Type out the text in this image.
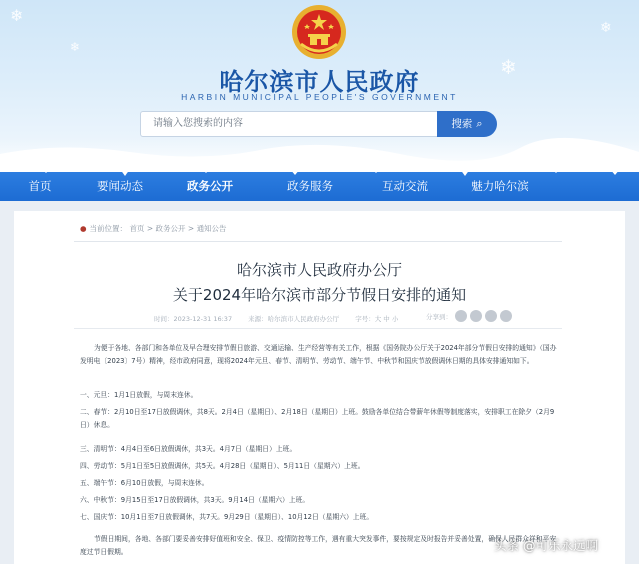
❄
❄
❄
❄
哈尔滨市人民政府
HARBIN MUNICIPAL PEOPLE'S GOVERNMENT
请输入您搜索的内容	搜索 ⌕
首页	要闻动态	政务公开	政务服务	互动交流	魅力哈尔滨
● 当前位置： 首页 > 政务公开 > 通知公告
哈尔滨市人民政府办公厅
关于2024年哈尔滨市部分节假日安排的通知
时间：2023-12-31 16:37 来源：哈尔滨市人民政府办公厅 字号：大 中 小	分享到：
为便于各地、各部门和各单位及早合理安排节假日旅游、交通运输、生产经营等有关工作，根据《国务院办公厅关于2024年部分节假日安排的通知》（国办发明电〔2023〕7号）精神，经市政府同意，现将2024年元旦、春节、清明节、劳动节、端午节、中秋节和国庆节放假调休日期的具体安排通知如下。
一、元旦：1月1日放假，与周末连休。
二、春节：2月10日至17日放假调休，共8天。2月4日（星期日）、2月18日（星期日）上班。鼓励各单位结合带薪年休假等制度落实，安排职工在除夕（2月9日）休息。
三、清明节：4月4日至6日放假调休，共3天。4月7日（星期日）上班。
四、劳动节：5月1日至5日放假调休，共5天。4月28日（星期日）、5月11日（星期六）上班。
五、端午节：6月10日放假，与周末连休。
六、中秋节：9月15日至17日放假调休，共3天。9月14日（星期六）上班。
七、国庆节：10月1日至7日放假调休，共7天。9月29日（星期日）、10月12日（星期六）上班。
节假日期间，各地、各部门要妥善安排好值班和安全、保卫、疫情防控等工作，遇有重大突发事件，要按规定及时报告并妥善处置，确保人民群众祥和平安度过节日假期。	头条 @可乐永远啊
